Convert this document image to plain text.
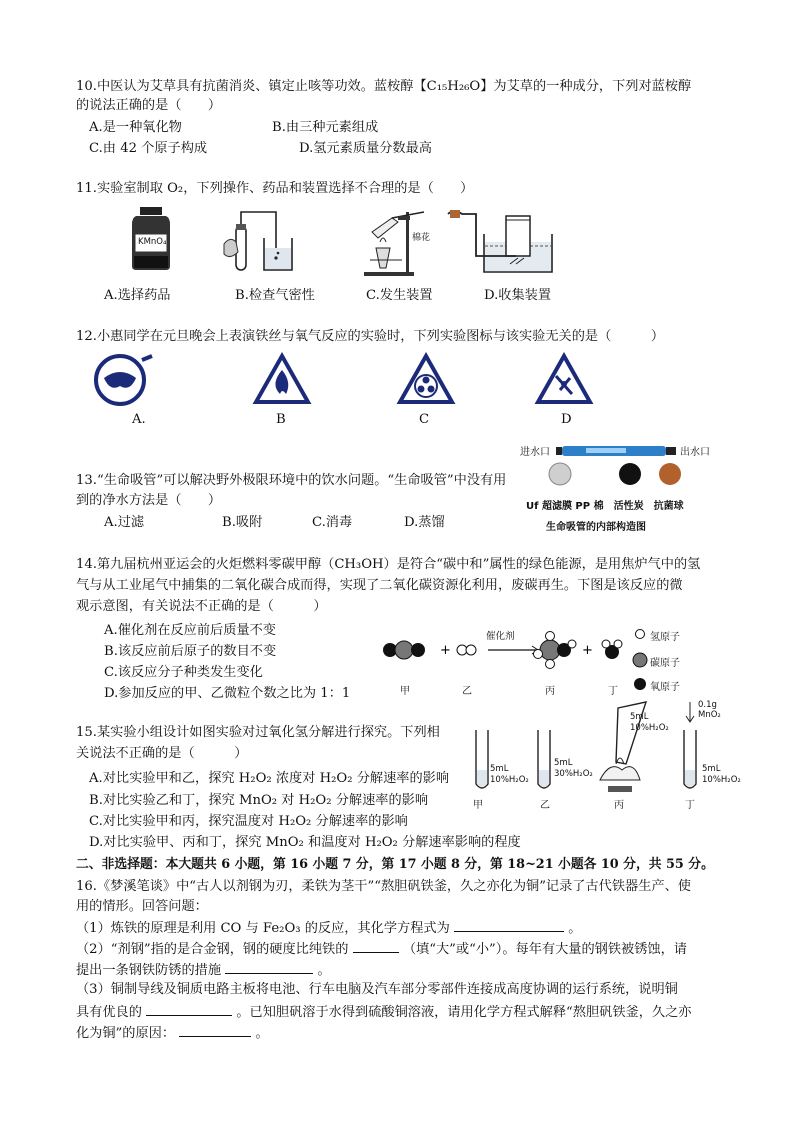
10.中医认为艾草具有抗菌消炎、镇定止咳等功效。蓝桉醇【C₁₅H₂₆O】为艾草的一种成分，下列对蓝桉醇
的说法正确的是（　　）
A.是一种氧化物	B.由三种元素组成
C.由 42 个原子构成	D.氢元素质量分数最高
11.实验室制取 O₂，下列操作、药品和装置选择不合理的是（　　）
KMnO₄	棉花
A.选择药品	B.检查气密性	C.发生装置	D.收集装置
12.小惠同学在元旦晚会上表演铁丝与氧气反应的实验时，下列实验图标与该实验无关的是（　　　）
A.	B	C	D
进水口	出水口
Uf 超滤膜 PP 棉　活性炭　抗菌球
生命吸管的内部构造图
13.“生命吸管”可以解决野外极限环境中的饮水问题。“生命吸管”中没有用
到的净水方法是（　　）
A.过滤	B.吸附	C.消毒	D.蒸馏
14.第九届杭州亚运会的火炬燃料零碳甲醇（CH₃OH）是符合“碳中和”属性的绿色能源，是用焦炉气中的氢
气与从工业尾气中捕集的二氧化碳合成而得，实现了二氧化碳资源化利用，废碳再生。下图是该反应的微
观示意图，有关说法不正确的是（　　　）
A.催化剂在反应前后质量不变
B.该反应前后原子的数目不变
C.该反应分子种类发生变化
D.参加反应的甲、乙微粒个数之比为 1：1
+	+
催化剂
甲	乙	丙	丁
氢原子
碳原子
氧原子
15.某实验小组设计如图实验对过氧化氢分解进行探究。下列相
关说法不正确的是（　　　）
A.对比实验甲和乙，探究 H₂O₂ 浓度对 H₂O₂ 分解速率的影响
B.对比实验乙和丁，探究 MnO₂ 对 H₂O₂ 分解速率的影响
C.对比实验甲和丙，探究温度对 H₂O₂ 分解速率的影响
D.对比实验甲、丙和丁，探究 MnO₂ 和温度对 H₂O₂ 分解速率影响的程度
5mL 10%H₂O₂
5mL 30%H₂O₂
5mL 10%H₂O₂
5mL 10%H₂O₂
0.1g MnO₂
甲	乙	丙	丁
二、非选择题：本大题共 6 小题，第 16 小题 7 分，第 17 小题 8 分，第 18~21 小题各 10 分，共 55 分。
16.《梦溪笔谈》中“古人以剂钢为刃，柔铁为茎干”“熬胆矾铁釜，久之亦化为铜”记录了古代铁器生产、使
用的情形。回答问题：
（1）炼铁的原理是利用 CO 与 Fe₂O₃ 的反应，其化学方程式为	。
（2）“剂钢”指的是合金钢，钢的硬度比纯铁的	（填“大”或“小”）。每年有大量的钢铁被锈蚀，请
提出一条钢铁防锈的措施	。
（3）铜制导线及铜质电路主板将电池、行车电脑及汽车部分零部件连接成高度协调的运行系统，说明铜
具有优良的	。已知胆矾溶于水得到硫酸铜溶液，请用化学方程式解释“熬胆矾铁釜，久之亦
化为铜”的原因：	。
